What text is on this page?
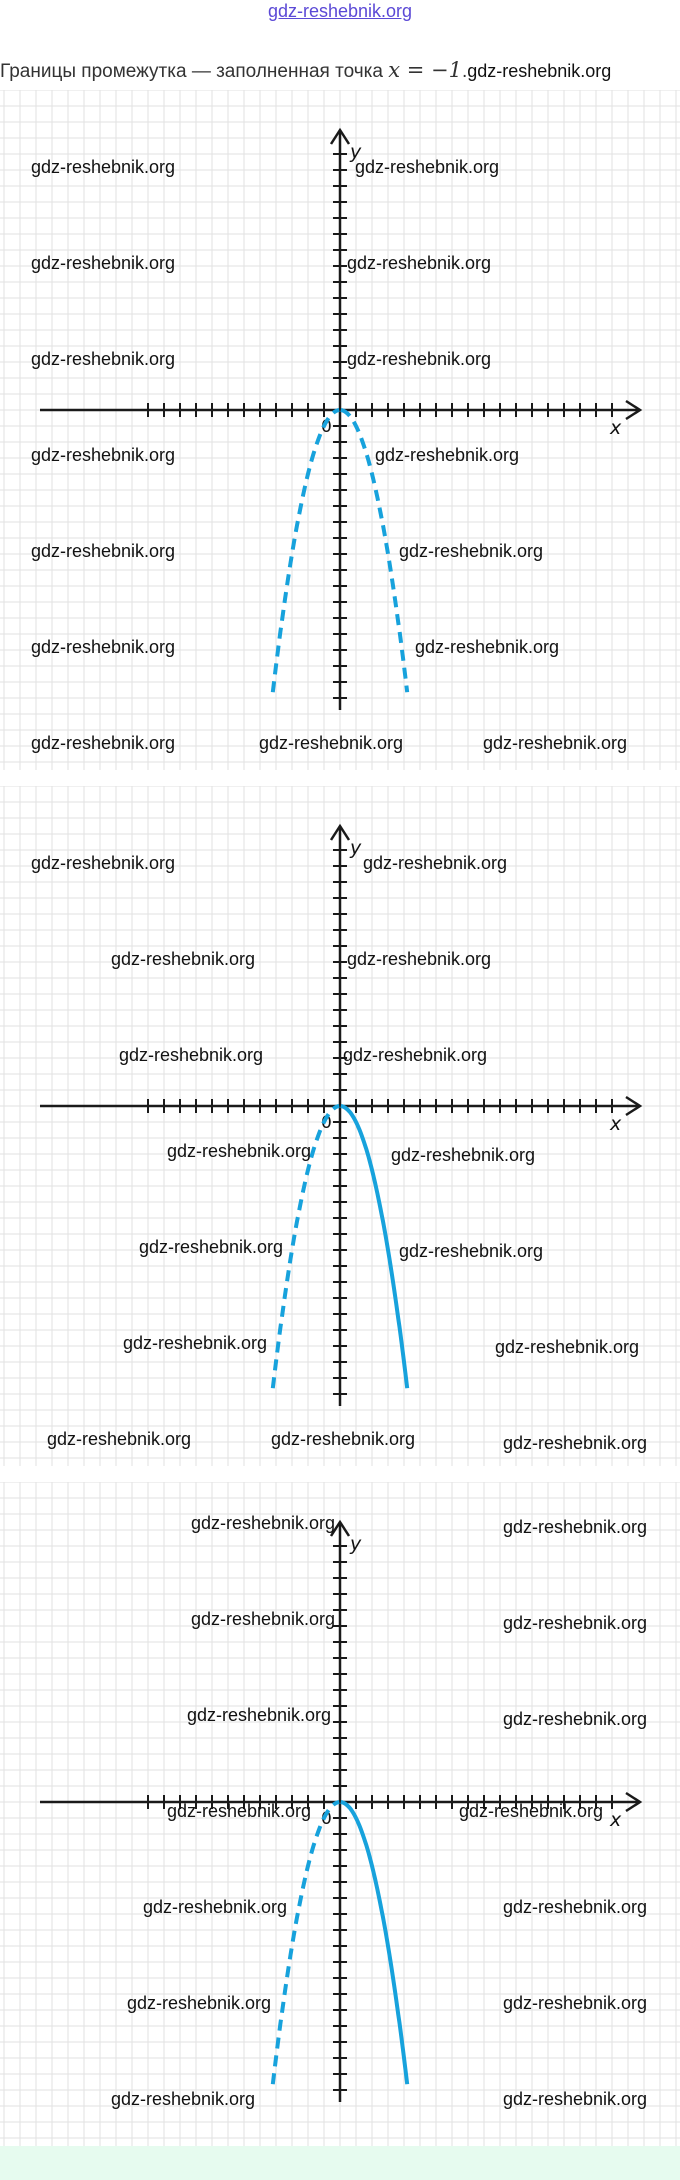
gdz-reshebnik.org
Границы промежутка — заполненная точка x = −1.gdz-reshebnik.org
x
y
0
gdz-reshebnik.org	gdz-reshebnik.org
gdz-reshebnik.org	gdz-reshebnik.org
gdz-reshebnik.org	gdz-reshebnik.org
gdz-reshebnik.org	gdz-reshebnik.org
gdz-reshebnik.org	gdz-reshebnik.org
gdz-reshebnik.org	gdz-reshebnik.org
gdz-reshebnik.org	gdz-reshebnik.org	gdz-reshebnik.org
x
y
0
gdz-reshebnik.org	gdz-reshebnik.org
gdz-reshebnik.org	gdz-reshebnik.org
gdz-reshebnik.org	gdz-reshebnik.org
gdz-reshebnik.org	gdz-reshebnik.org
gdz-reshebnik.org	gdz-reshebnik.org
gdz-reshebnik.org	gdz-reshebnik.org
gdz-reshebnik.org	gdz-reshebnik.org	gdz-reshebnik.org
x
y
0
gdz-reshebnik.org	gdz-reshebnik.org
gdz-reshebnik.org	gdz-reshebnik.org
gdz-reshebnik.org	gdz-reshebnik.org
gdz-reshebnik.org	gdz-reshebnik.org
gdz-reshebnik.org	gdz-reshebnik.org
gdz-reshebnik.org	gdz-reshebnik.org
gdz-reshebnik.org	gdz-reshebnik.org
